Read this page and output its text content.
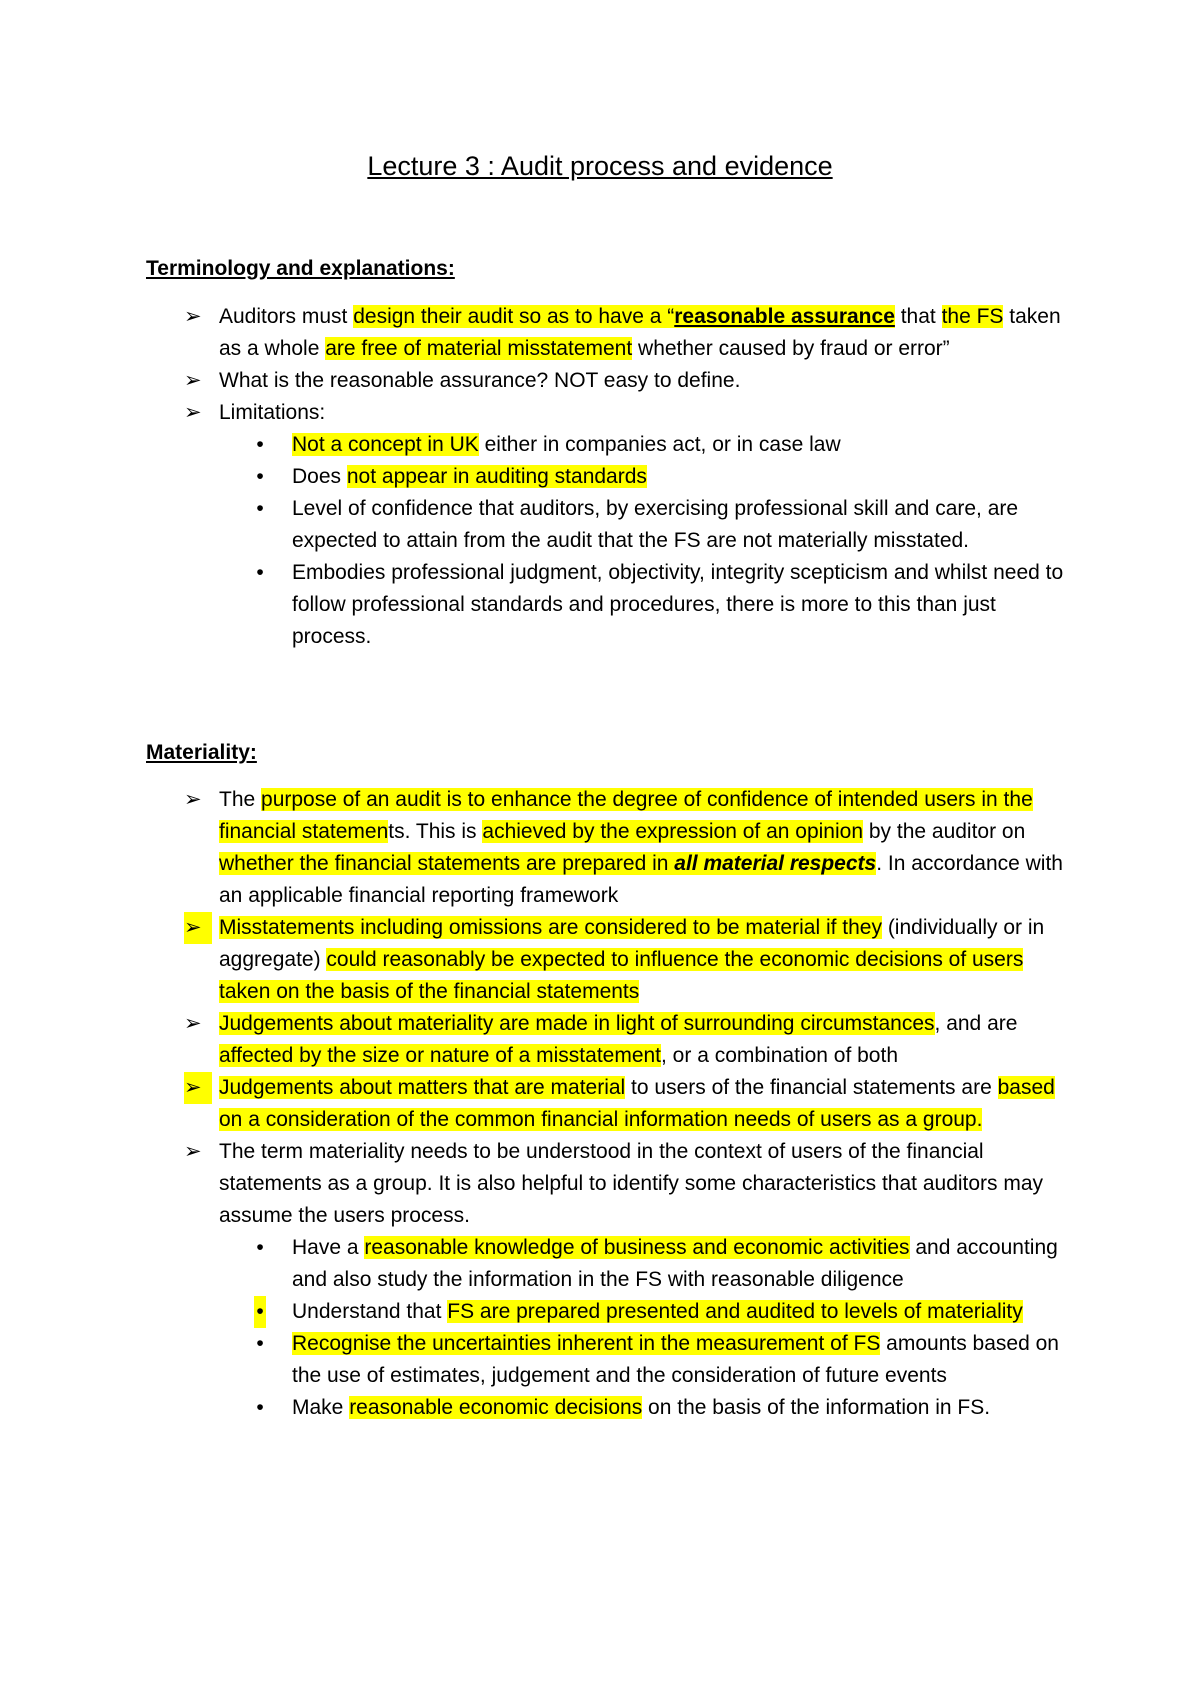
Lecture 3 : Audit process and evidence
Terminology and explanations:
➢ Auditors must design their audit so as to have a “reasonable assurance that the FS taken as a whole are free of material misstatement whether caused by fraud or error”
➢ What is the reasonable assurance? NOT easy to define.
➢ Limitations:
• Not a concept in UK either in companies act, or in case law
• Does not appear in auditing standards
• Level of confidence that auditors, by exercising professional skill and care, are expected to attain from the audit that the FS are not materially misstated.
• Embodies professional judgment, objectivity, integrity scepticism and whilst need to follow professional standards and procedures, there is more to this than just process.
Materiality:
➢ The purpose of an audit is to enhance the degree of confidence of intended users in the financial statements. This is achieved by the expression of an opinion by the auditor on whether the financial statements are prepared in all material respects. In accordance with an applicable financial reporting framework
➢ Misstatements including omissions are considered to be material if they (individually or in aggregate) could reasonably be expected to influence the economic decisions of users taken on the basis of the financial statements
➢ Judgements about materiality are made in light of surrounding circumstances, and are affected by the size or nature of a misstatement, or a combination of both
➢ Judgements about matters that are material to users of the financial statements are based on a consideration of the common financial information needs of users as a group.
➢ The term materiality needs to be understood in the context of users of the financial statements as a group. It is also helpful to identify some characteristics that auditors may assume the users process.
• Have a reasonable knowledge of business and economic activities and accounting and also study the information in the FS with reasonable diligence
• Understand that FS are prepared presented and audited to levels of materiality
• Recognise the uncertainties inherent in the measurement of FS amounts based on the use of estimates, judgement and the consideration of future events
• Make reasonable economic decisions on the basis of the information in FS.
